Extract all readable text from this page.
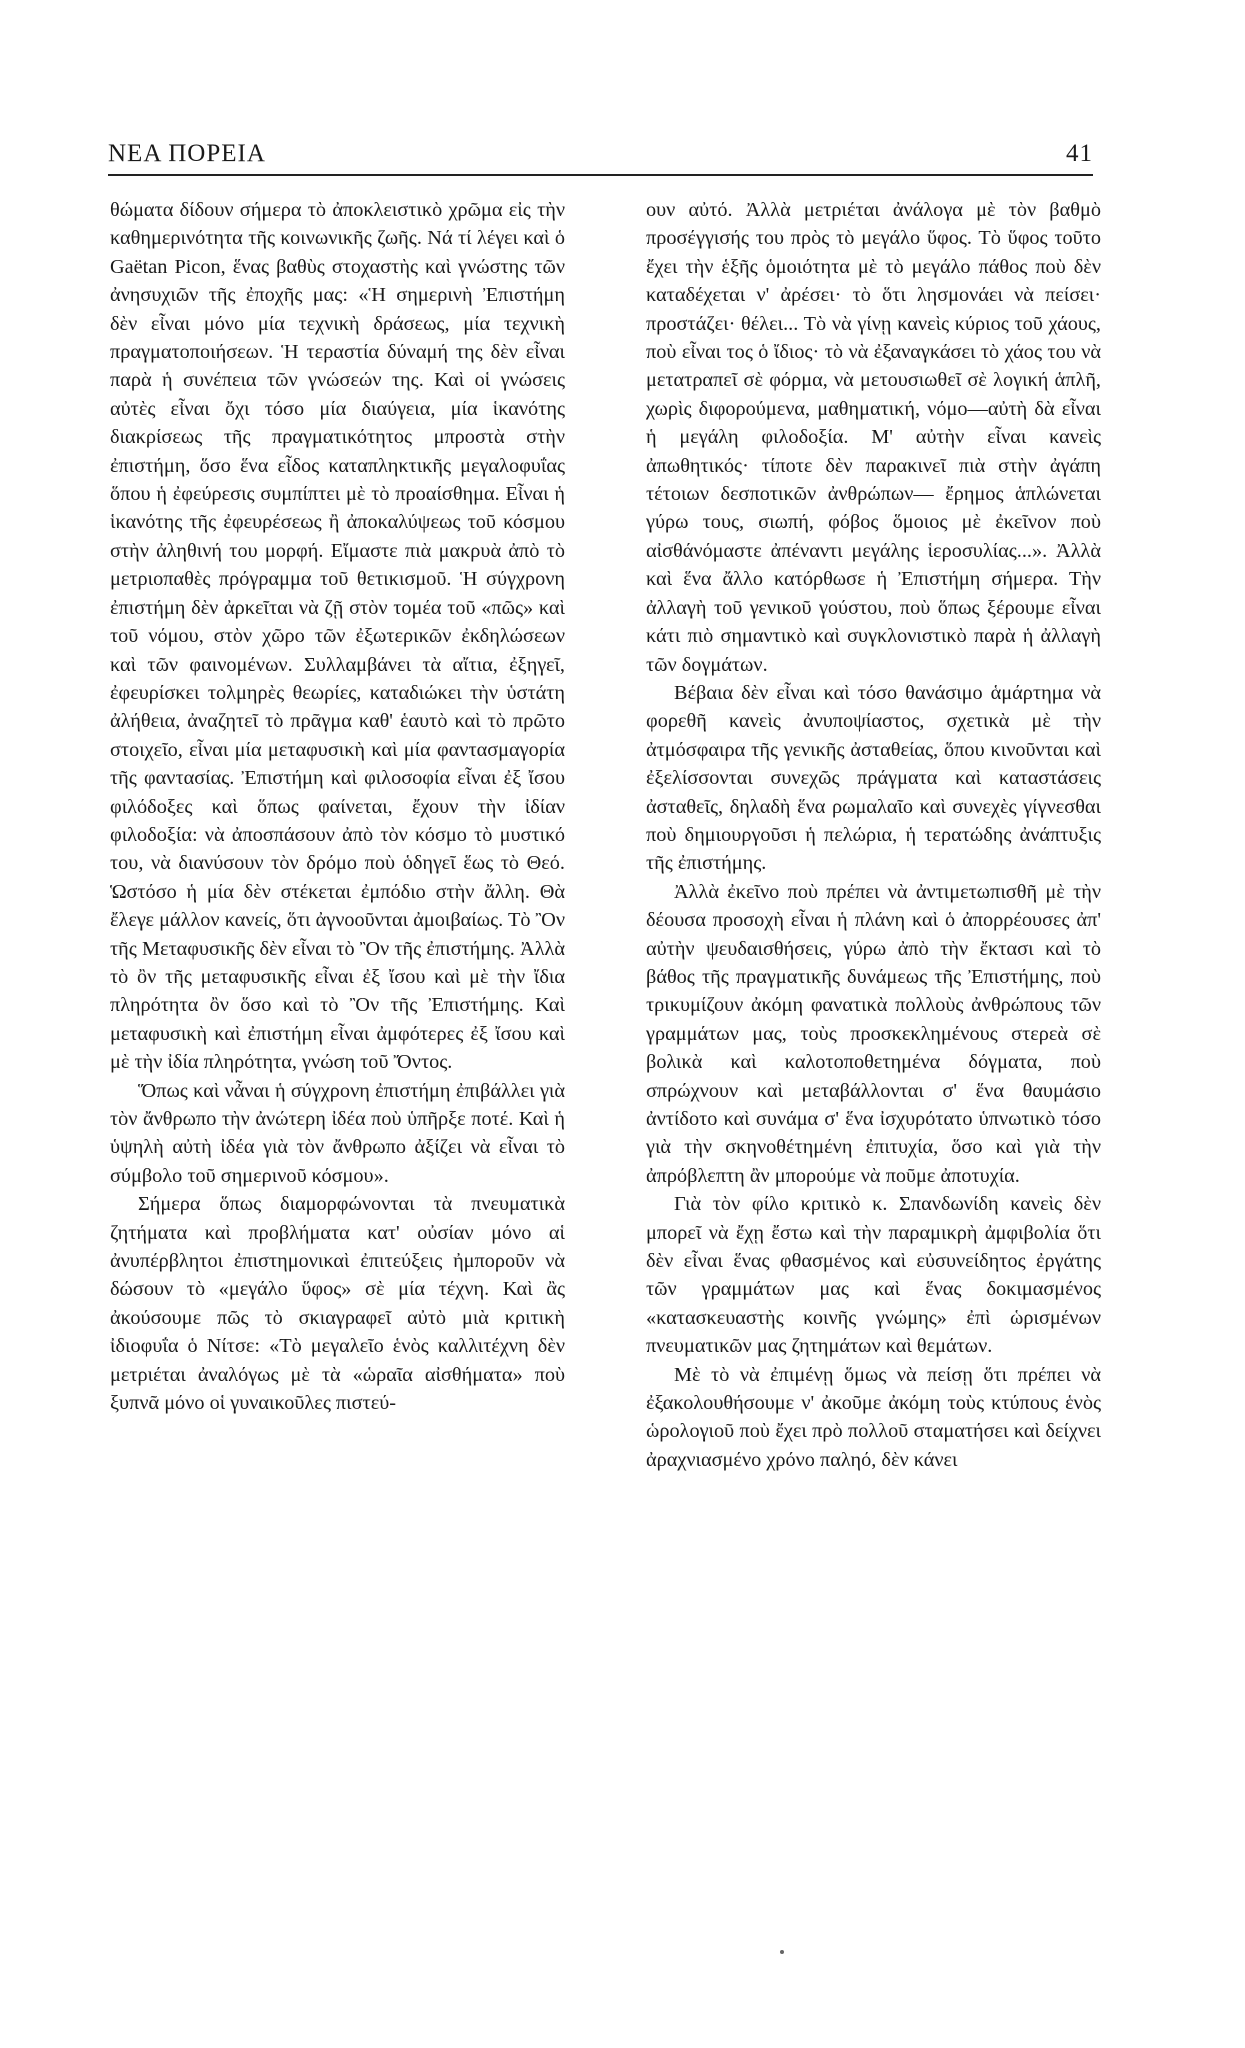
ΝΕΑ ΠΟΡΕΙΑ	41

θώματα δίδουν σήμερα τὸ ἀποκλειστικὸ χρῶμα εἰς τὴν καθημερινότητα τῆς κοινωνικῆς ζωῆς. Νά τί λέγει καὶ ὁ Gaëtan Picon, ἕνας βαθὺς στοχαστὴς καὶ γνώστης τῶν ἀνησυχιῶν τῆς ἐποχῆς μας: «Ἡ σημερινὴ Ἐπιστήμη δὲν εἶναι μόνο μία τεχνικὴ δράσεως, μία τεχνικὴ πραγματοποιήσεων. Ἡ τεραστία δύναμή της δὲν εἶναι παρὰ ἡ συνέπεια τῶν γνώσεών της. Καὶ οἱ γνώσεις αὐτὲς εἶναι ὄχι τόσο μία διαύγεια, μία ἱκανότης διακρίσεως τῆς πραγματικότητος μπροστὰ στὴν ἐπιστήμη, ὅσο ἕνα εἶδος καταπληκτικῆς μεγαλοφυΐας ὅπου ἡ ἐφεύρεσις συμπίπτει μὲ τὸ προαίσθημα. Εἶναι ἡ ἱκανότης τῆς ἐφευρέσεως ἢ ἀποκαλύψεως τοῦ κόσμου στὴν ἀληθινή του μορφή. Εἴμαστε πιὰ μακρυὰ ἀπὸ τὸ μετριοπαθὲς πρόγραμμα τοῦ θετικισμοῦ. Ἡ σύγχρονη ἐπιστήμη δὲν ἀρκεῖται νὰ ζῇ στὸν τομέα τοῦ «πῶς» καὶ τοῦ νόμου, στὸν χῶρο τῶν ἐξωτερικῶν ἐκδηλώσεων καὶ τῶν φαινομένων. Συλλαμβάνει τὰ αἴτια, ἐξηγεῖ, ἐφευρίσκει τολμηρὲς θεωρίες, καταδιώκει τὴν ὑστάτη ἀλήθεια, ἀναζητεῖ τὸ πρᾶγμα καθ' ἑαυτὸ καὶ τὸ πρῶτο στοιχεῖο, εἶναι μία μεταφυσικὴ καὶ μία φαντασμαγορία τῆς φαντασίας. Ἐπιστήμη καὶ φιλοσοφία εἶναι ἐξ ἴσου φιλόδοξες καὶ ὅπως φαίνεται, ἔχουν τὴν ἰδίαν φιλοδοξία: νὰ ἀποσπάσουν ἀπὸ τὸν κόσμο τὸ μυστικό του, νὰ διανύσουν τὸν δρόμο ποὺ ὁδηγεῖ ἕως τὸ Θεό. Ὡστόσο ἡ μία δὲν στέκεται ἐμπόδιο στὴν ἄλλη. Θὰ ἔλεγε μάλλον κανείς, ὅτι ἀγνοοῦνται ἀμοιβαίως. Τὸ Ὂν τῆς Μεταφυσικῆς δὲν εἶναι τὸ Ὂν τῆς ἐπιστήμης. Ἀλλὰ τὸ ὂν τῆς μεταφυσικῆς εἶναι ἐξ ἴσου καὶ μὲ τὴν ἴδια πληρότητα ὂν ὅσο καὶ τὸ Ὂν τῆς Ἐπιστήμης. Καὶ μεταφυσικὴ καὶ ἐπιστήμη εἶναι ἀμφότερες ἐξ ἴσου καὶ μὲ τὴν ἰδία πληρότητα, γνώση τοῦ Ὄντος.

Ὅπως καὶ νἆναι ἡ σύγχρονη ἐπιστήμη ἐπιβάλλει γιὰ τὸν ἄνθρωπο τὴν ἀνώτερη ἰδέα ποὺ ὑπῆρξε ποτέ. Καὶ ἡ ὑψηλὴ αὐτὴ ἰδέα γιὰ τὸν ἄνθρωπο ἀξίζει νὰ εἶναι τὸ σύμβολο τοῦ σημερινοῦ κόσμου».

Σήμερα ὅπως διαμορφώνονται τὰ πνευματικὰ ζητήματα καὶ προβλήματα κατ' οὐσίαν μόνο αἱ ἀνυπέρβλητοι ἐπιστημονικαὶ ἐπιτεύξεις ἠμποροῦν νὰ δώσουν τὸ «μεγάλο ὕφος» σὲ μία τέχνη. Καὶ ἂς ἀκούσουμε πῶς τὸ σκιαγραφεῖ αὐτὸ μιὰ κριτικὴ ἰδιοφυΐα ὁ Νίτσε: «Τὸ μεγαλεῖο ἑνὸς καλλιτέχνη δὲν μετριέται ἀναλόγως μὲ τὰ «ὡραῖα αἰσθήματα» ποὺ ξυπνᾶ μόνο οἱ γυναικοῦλες πιστεύ-

ουν αὐτό. Ἀλλὰ μετριέται ἀνάλογα μὲ τὸν βαθμὸ προσέγγισής του πρὸς τὸ μεγάλο ὕφος. Τὸ ὕφος τοῦτο ἔχει τὴν ἑξῆς ὁμοιότητα μὲ τὸ μεγάλο πάθος ποὺ δὲν καταδέχεται ν' ἀρέσει· τὸ ὅτι λησμονάει νὰ πείσει· προστάζει· θέλει... Τὸ νὰ γίνῃ κανεὶς κύριος τοῦ χάους, ποὺ εἶναι τος ὁ ἴδιος· τὸ νὰ ἐξαναγκάσει τὸ χάος του νὰ μετατραπεῖ σὲ φόρμα, νὰ μετουσιωθεῖ σὲ λογική ἁπλῆ, χωρὶς διφορούμενα, μαθηματική, νόμο—αὐτὴ δὰ εἶναι ἡ μεγάλη φιλοδοξία. Μ' αὐτὴν εἶναι κανεὶς ἀπωθητικός· τίποτε δὲν παρακινεῖ πιὰ στὴν ἀγάπη τέτοιων δεσποτικῶν ἀνθρώπων— ἔρημος ἁπλώνεται γύρω τους, σιωπή, φόβος ὅμοιος μὲ ἐκεῖνον ποὺ αἰσθάνόμαστε ἀπέναντι μεγάλης ἱεροσυλίας...». Ἀλλὰ καὶ ἕνα ἄλλο κατόρθωσε ἡ Ἐπιστήμη σήμερα. Τὴν ἀλλαγὴ τοῦ γενικοῦ γούστου, ποὺ ὅπως ξέρουμε εἶναι κάτι πιὸ σημαντικὸ καὶ συγκλονιστικὸ παρὰ ἡ ἀλλαγὴ τῶν δογμάτων.

Βέβαια δὲν εἶναι καὶ τόσο θανάσιμο ἁμάρτημα νὰ φορεθῆ κανεὶς ἀνυποψίαστος, σχετικὰ μὲ τὴν ἀτμόσφαιρα τῆς γενικῆς ἀσταθείας, ὅπου κινοῦνται καὶ ἐξελίσσονται συνεχῶς πράγματα καὶ καταστάσεις ἀσταθεῖς, δηλαδὴ ἕνα ρωμαλαῖο καὶ συνεχὲς γίγνεσθαι ποὺ δημιουργοῦσι ἡ πελώρια, ἡ τερατώδης ἀνάπτυξις τῆς ἐπιστήμης.

Ἀλλὰ ἐκεῖνο ποὺ πρέπει νὰ ἀντιμετωπισθῆ μὲ τὴν δέουσα προσοχὴ εἶναι ἡ πλάνη καὶ ὁ ἀπορρέουσες ἀπ' αὐτὴν ψευδαισθήσεις, γύρω ἀπὸ τὴν ἔκτασι καὶ τὸ βάθος τῆς πραγματικῆς δυνάμεως τῆς Ἐπιστήμης, ποὺ τρικυμίζουν ἀκόμη φανατικὰ πολλοὺς ἀνθρώπους τῶν γραμμάτων μας, τοὺς προσκεκλημένους στερεὰ σὲ βολικὰ καὶ καλοτοποθετημένα δόγματα, ποὺ σπρώχνουν καὶ μεταβάλλονται σ' ἕνα θαυμάσιο ἀντίδοτο καὶ συνάμα σ' ἕνα ἰσχυρότατο ὑπνωτικὸ τόσο γιὰ τὴν σκηνοθέτημένη ἐπιτυχία, ὅσο καὶ γιὰ τὴν ἀπρόβλεπτη ἂν μπορούμε νὰ ποῦμε ἀποτυχία.

Γιὰ τὸν φίλο κριτικὸ κ. Σπανδωνίδη κανεὶς δὲν μπορεῖ νὰ ἔχῃ ἔστω καὶ τὴν παραμικρὴ ἀμφιβολία ὅτι δὲν εἶναι ἕνας φθασμένος καὶ εὐσυνείδητος ἐργάτης τῶν γραμμάτων μας καὶ ἕνας δοκιμασμένος «κατασκευαστὴς κοινῆς γνώμης» ἐπὶ ὡρισμένων πνευματικῶν μας ζητημάτων καὶ θεμάτων.

Μὲ τὸ νὰ ἐπιμένῃ ὅμως νὰ πείσῃ ὅτι πρέπει νὰ ἐξακολουθήσουμε ν' ἀκοῦμε ἀκόμη τοὺς κτύπους ἑνὸς ὡρολογιοῦ ποὺ ἔχει πρὸ πολλοῦ σταματήσει καὶ δείχνει ἀραχνιασμένο χρόνο παληό, δὲν κάνει
